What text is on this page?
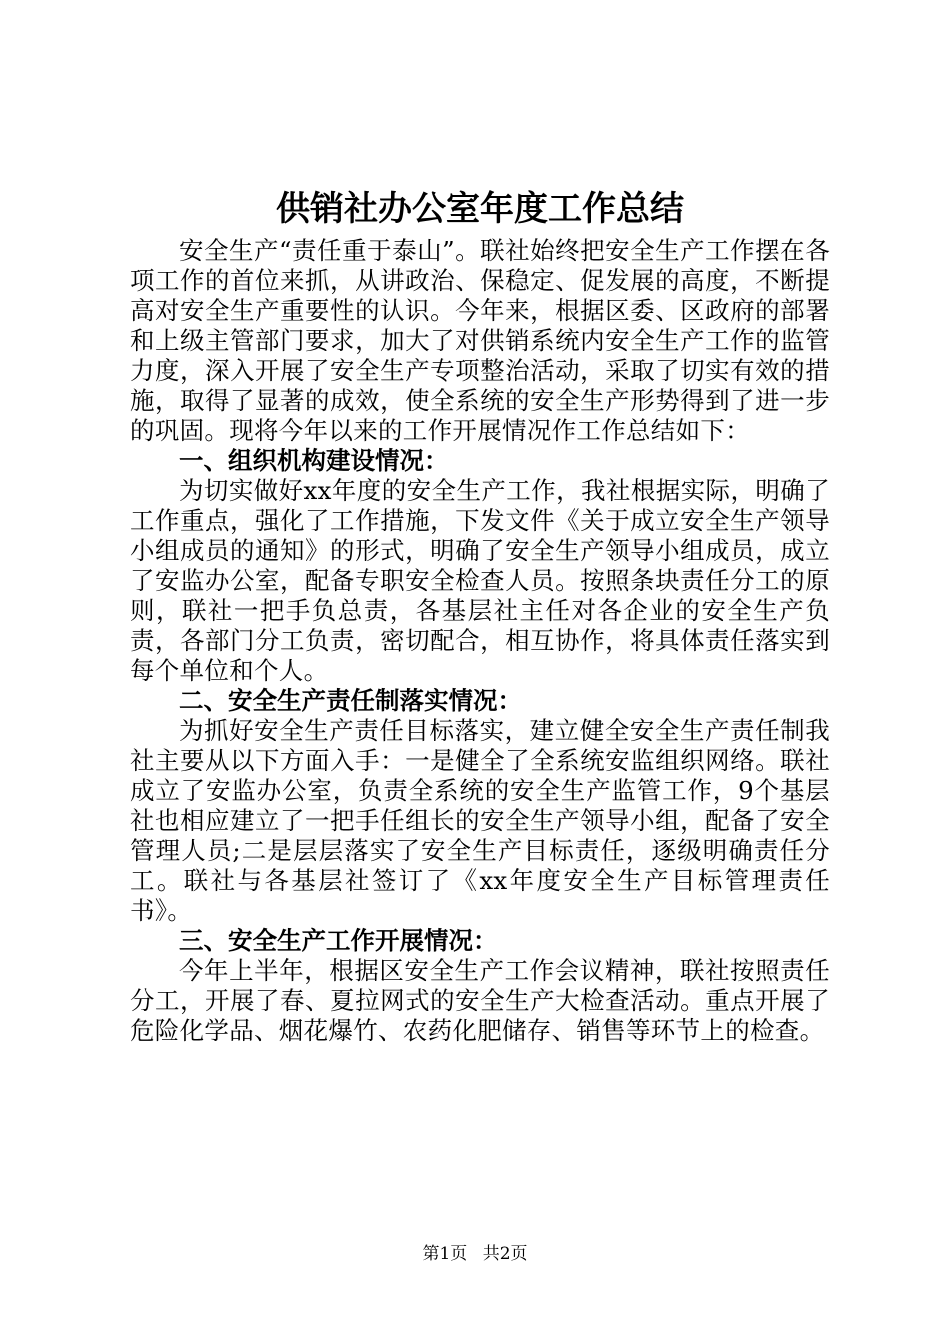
供销社办公室年度工作总结

安全生产“责任重于泰山”。联社始终把安全生产工作摆在各项工作的首位来抓，从讲政治、保稳定、促发展的高度，不断提高对安全生产重要性的认识。今年来，根据区委、区政府的部署和上级主管部门要求，加大了对供销系统内安全生产工作的监管力度，深入开展了安全生产专项整治活动，采取了切实有效的措施，取得了显著的成效，使全系统的安全生产形势得到了进一步的巩固。现将今年以来的工作开展情况作工作总结如下：

一、组织机构建设情况：

为切实做好xx年度的安全生产工作，我社根据实际，明确了工作重点，强化了工作措施，下发文件《关于成立安全生产领导小组成员的通知》的形式，明确了安全生产领导小组成员，成立了安监办公室，配备专职安全检查人员。按照条块责任分工的原则，联社一把手负总责，各基层社主任对各企业的安全生产负责，各部门分工负责，密切配合，相互协作，将具体责任落实到每个单位和个人。

二、安全生产责任制落实情况：

为抓好安全生产责任目标落实，建立健全安全生产责任制我社主要从以下方面入手：一是健全了全系统安监组织网络。联社成立了安监办公室，负责全系统的安全生产监管工作，9个基层社也相应建立了一把手任组长的安全生产领导小组，配备了安全管理人员;二是层层落实了安全生产目标责任，逐级明确责任分工。联社与各基层社签订了《xx年度安全生产目标管理责任书》。

三、安全生产工作开展情况：

今年上半年，根据区安全生产工作会议精神，联社按照责任分工，开展了春、夏拉网式的安全生产大检查活动。重点开展了危险化学品、烟花爆竹、农药化肥储存、销售等环节上的检查。

第1页 共2页
